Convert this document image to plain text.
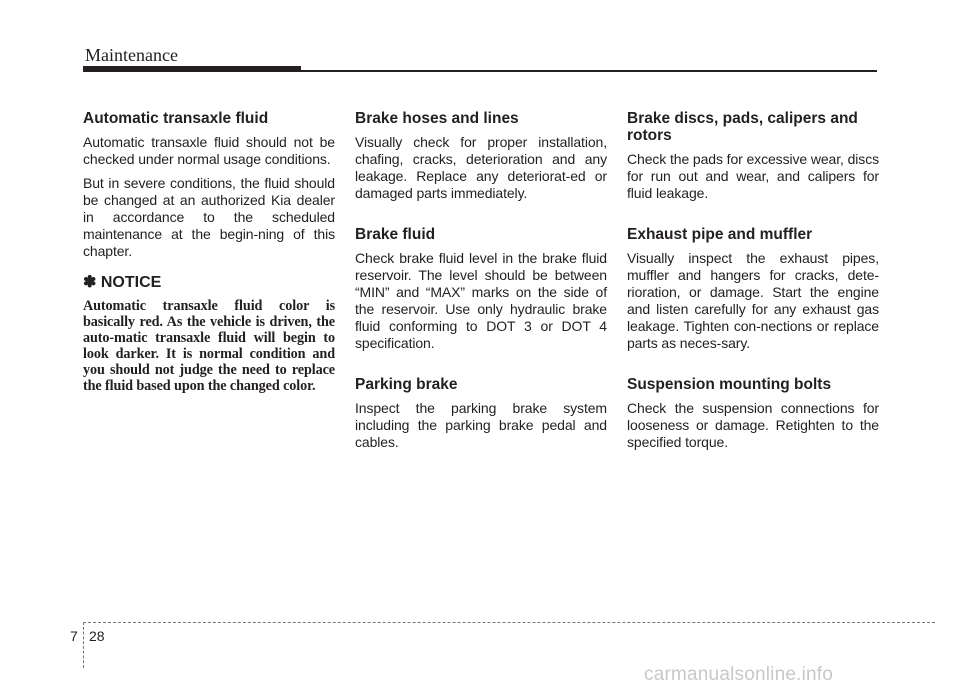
Maintenance
Automatic transaxle fluid

Automatic transaxle fluid should not be checked under normal usage conditions.

But in severe conditions, the fluid should be changed at an authorized Kia dealer in accordance to the scheduled maintenance at the begin-ning of this chapter.

✽ NOTICE

Automatic transaxle fluid color is basically red. As the vehicle is driven, the auto-matic transaxle fluid will begin to look darker. It is normal condition and you should not judge the need to replace the fluid based upon the changed color.

Brake hoses and lines

Visually check for proper installation, chafing, cracks, deterioration and any leakage. Replace any deteriorat-ed or damaged parts immediately.

Brake fluid

Check brake fluid level in the brake fluid reservoir. The level should be between “MIN” and “MAX” marks on the side of the reservoir. Use only hydraulic brake fluid conforming to DOT 3 or DOT 4 specification.

Parking brake

Inspect the parking brake system including the parking brake pedal and cables.

Brake discs, pads, calipers and rotors

Check the pads for excessive wear, discs for run out and wear, and calipers for fluid leakage.

Exhaust pipe and muffler

Visually inspect the exhaust pipes, muffler and hangers for cracks, dete-rioration, or damage. Start the engine and listen carefully for any exhaust gas leakage. Tighten con-nections or replace parts as neces-sary.

Suspension mounting bolts

Check the suspension connections for looseness or damage. Retighten to the specified torque.

7 28
carmanualsonline.info
